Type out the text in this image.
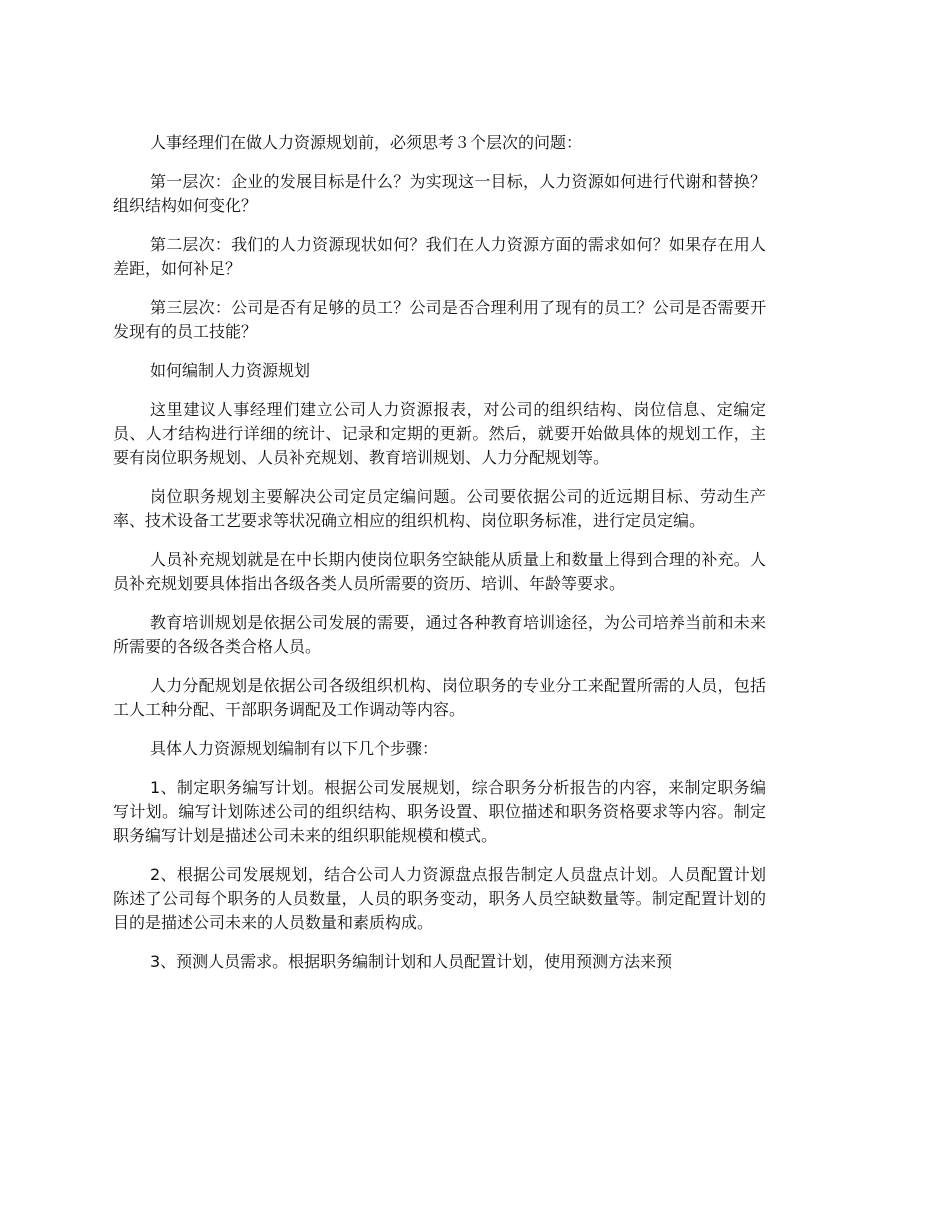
人事经理们在做人力资源规划前，必须思考３个层次的问题：

第一层次：企业的发展目标是什么？为实现这一目标，人力资源如何进行代谢和替换？组织结构如何变化？

第二层次：我们的人力资源现状如何？我们在人力资源方面的需求如何？如果存在用人差距，如何补足？

第三层次：公司是否有足够的员工？公司是否合理利用了现有的员工？公司是否需要开发现有的员工技能？

如何编制人力资源规划

这里建议人事经理们建立公司人力资源报表，对公司的组织结构、岗位信息、定编定员、人才结构进行详细的统计、记录和定期的更新。然后，就要开始做具体的规划工作，主要有岗位职务规划、人员补充规划、教育培训规划、人力分配规划等。

岗位职务规划主要解决公司定员定编问题。公司要依据公司的近远期目标、劳动生产率、技术设备工艺要求等状况确立相应的组织机构、岗位职务标准，进行定员定编。

人员补充规划就是在中长期内使岗位职务空缺能从质量上和数量上得到合理的补充。人员补充规划要具体指出各级各类人员所需要的资历、培训、年龄等要求。

教育培训规划是依据公司发展的需要，通过各种教育培训途径，为公司培养当前和未来所需要的各级各类合格人员。

人力分配规划是依据公司各级组织机构、岗位职务的专业分工来配置所需的人员，包括工人工种分配、干部职务调配及工作调动等内容。

具体人力资源规划编制有以下几个步骤：

1、制定职务编写计划。根据公司发展规划，综合职务分析报告的内容，来制定职务编写计划。编写计划陈述公司的组织结构、职务设置、职位描述和职务资格要求等内容。制定职务编写计划是描述公司未来的组织职能规模和模式。

2、根据公司发展规划，结合公司人力资源盘点报告制定人员盘点计划。人员配置计划陈述了公司每个职务的人员数量，人员的职务变动，职务人员空缺数量等。制定配置计划的目的是描述公司未来的人员数量和素质构成。

3、预测人员需求。根据职务编制计划和人员配置计划，使用预测方法来预
